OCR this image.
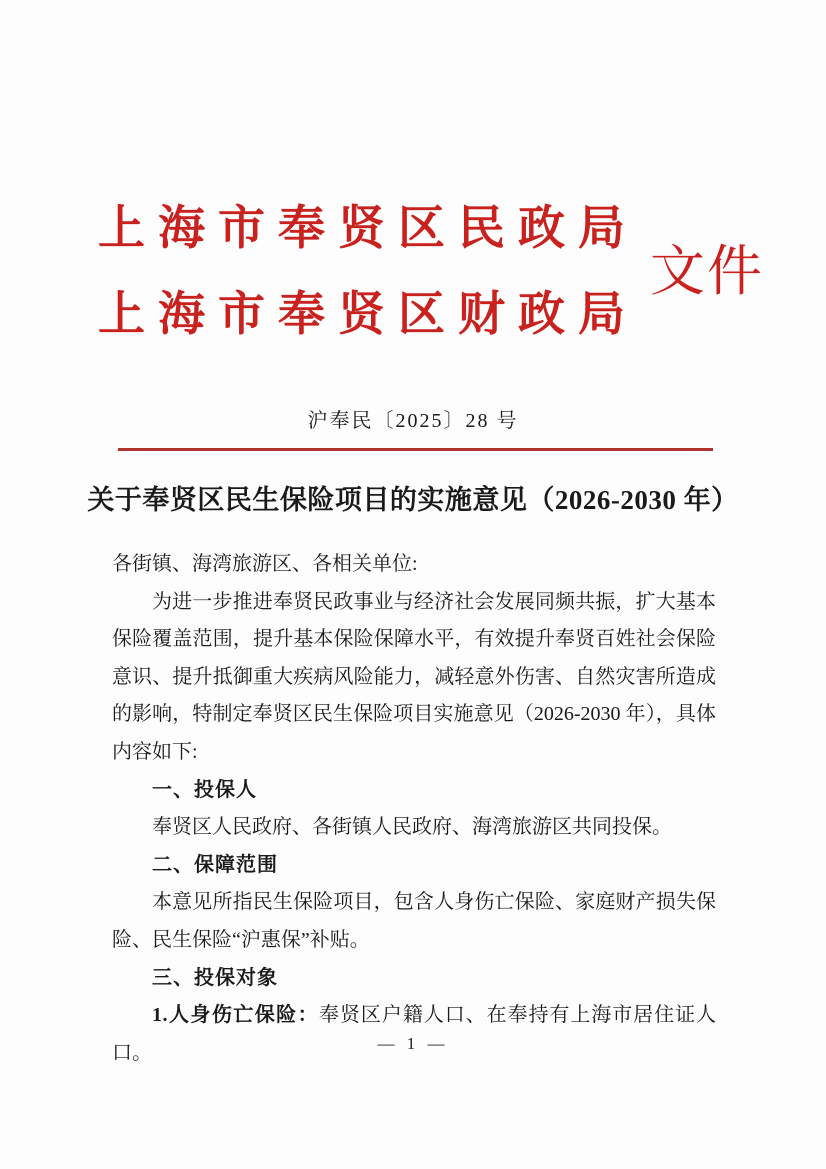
上海市奉贤区民政局
上海市奉贤区财政局
文件
沪奉民〔2025〕28 号
关于奉贤区民生保险项目的实施意见（2026-2030 年）

各街镇、海湾旅游区、各相关单位:

为进一步推进奉贤民政事业与经济社会发展同频共振，扩大基本保险覆盖范围，提升基本保险保障水平，有效提升奉贤百姓社会保险意识、提升抵御重大疾病风险能力，减轻意外伤害、自然灾害所造成的影响，特制定奉贤区民生保险项目实施意见（2026-2030 年），具体内容如下:

一、投保人

奉贤区人民政府、各街镇人民政府、海湾旅游区共同投保。

二、保障范围

本意见所指民生保险项目，包含人身伤亡保险、家庭财产损失保险、民生保险“沪惠保”补贴。

三、投保对象

1.人身伤亡保险：奉贤区户籍人口、在奉持有上海市居住证人口。	— 1 —
